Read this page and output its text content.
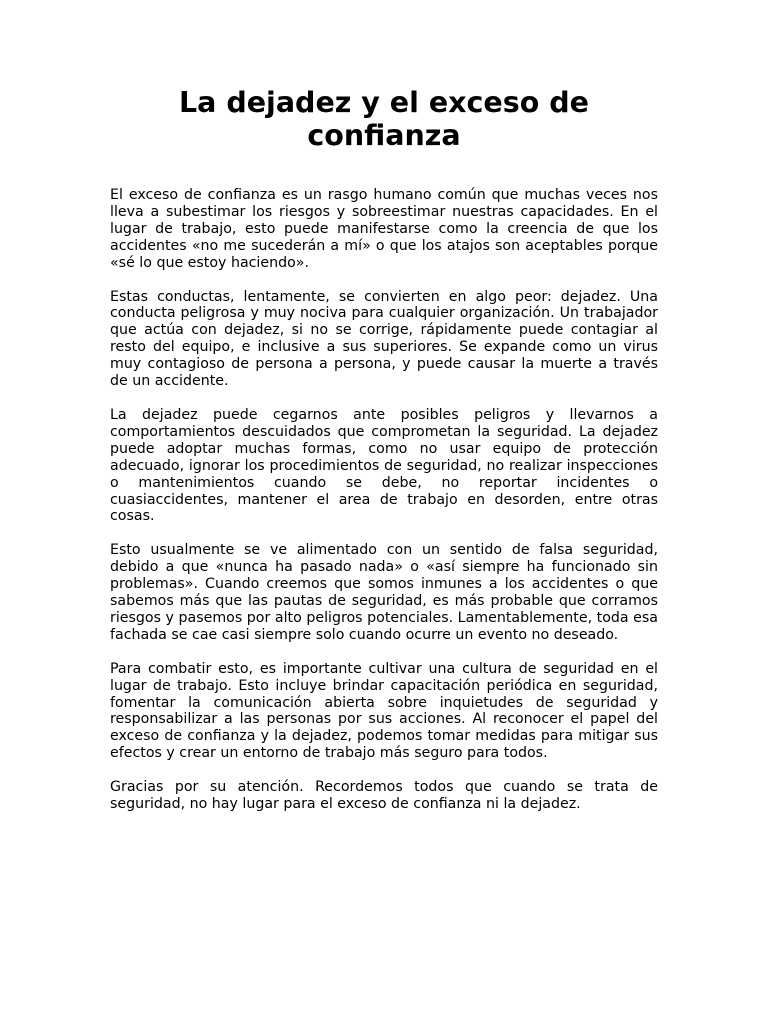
La dejadez y el exceso de confianza

El exceso de confianza es un rasgo humano común que muchas veces nos lleva a subestimar los riesgos y sobreestimar nuestras capacidades. En el lugar de trabajo, esto puede manifestarse como la creencia de que los accidentes «no me sucederán a mí» o que los atajos son aceptables porque «sé lo que estoy haciendo».

Estas conductas, lentamente, se convierten en algo peor: dejadez. Una conducta peligrosa y muy nociva para cualquier organización. Un trabajador que actúa con dejadez, si no se corrige, rápidamente puede contagiar al resto del equipo, e inclusive a sus superiores. Se expande como un virus muy contagioso de persona a persona, y puede causar la muerte a través de un accidente.

La dejadez puede cegarnos ante posibles peligros y llevarnos a comportamientos descuidados que comprometan la seguridad. La dejadez puede adoptar muchas formas, como no usar equipo de protección adecuado, ignorar los procedimientos de seguridad, no realizar inspecciones o mantenimientos cuando se debe, no reportar incidentes o cuasiaccidentes, mantener el area de trabajo en desorden, entre otras cosas.

Esto usualmente se ve alimentado con un sentido de falsa seguridad, debido a que «nunca ha pasado nada» o «así siempre ha funcionado sin problemas». Cuando creemos que somos inmunes a los accidentes o que sabemos más que las pautas de seguridad, es más probable que corramos riesgos y pasemos por alto peligros potenciales. Lamentablemente, toda esa fachada se cae casi siempre solo cuando ocurre un evento no deseado.

Para combatir esto, es importante cultivar una cultura de seguridad en el lugar de trabajo. Esto incluye brindar capacitación periódica en seguridad, fomentar la comunicación abierta sobre inquietudes de seguridad y responsabilizar a las personas por sus acciones. Al reconocer el papel del exceso de confianza y la dejadez, podemos tomar medidas para mitigar sus efectos y crear un entorno de trabajo más seguro para todos.

Gracias por su atención. Recordemos todos que cuando se trata de seguridad, no hay lugar para el exceso de confianza ni la dejadez.
